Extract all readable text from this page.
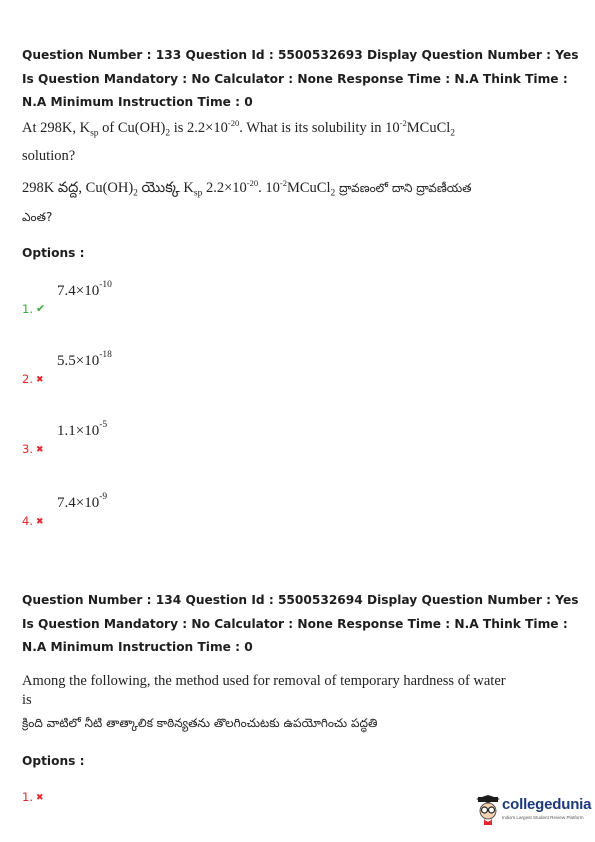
Question Number : 133 Question Id : 5500532693 Display Question Number : Yes Is Question Mandatory : No Calculator : None Response Time : N.A Think Time : N.A Minimum Instruction Time : 0
At 298K, $K_{sp}$ of $Cu(OH)_2$ is $2.2\times 10^{-20}$. What is its solubility in $10^{-2}MCuCl_2$
solution?
298K వద్ద, $Cu(OH)_2$ యొక్క $K_{sp}$ $2.2\times 10^{-20}$. $10^{-2}MCuCl_2$ ద్రావణంలో దాని ద్రావణీయత
ఎంత?
Options :
1. ✔
$7.4\times 10^{-10}$
2. ✖
$5.5\times 10^{-18}$
3. ✖
$1.1\times 10^{-5}$
4. ✖
$7.4\times 10^{-9}$
Question Number : 134 Question Id : 5500532694 Display Question Number : Yes Is Question Mandatory : No Calculator : None Response Time : N.A Think Time : N.A Minimum Instruction Time : 0
Among the following, the method used for removal of temporary hardness of water
is
క్రింది వాటిలో నీటి తాత్కాలిక కాఠిన్యతను తొలగించుటకు ఉపయోగించు పద్ధతి
Options :
1. ✖	collegedunia
India's Largest Student Review Platform
